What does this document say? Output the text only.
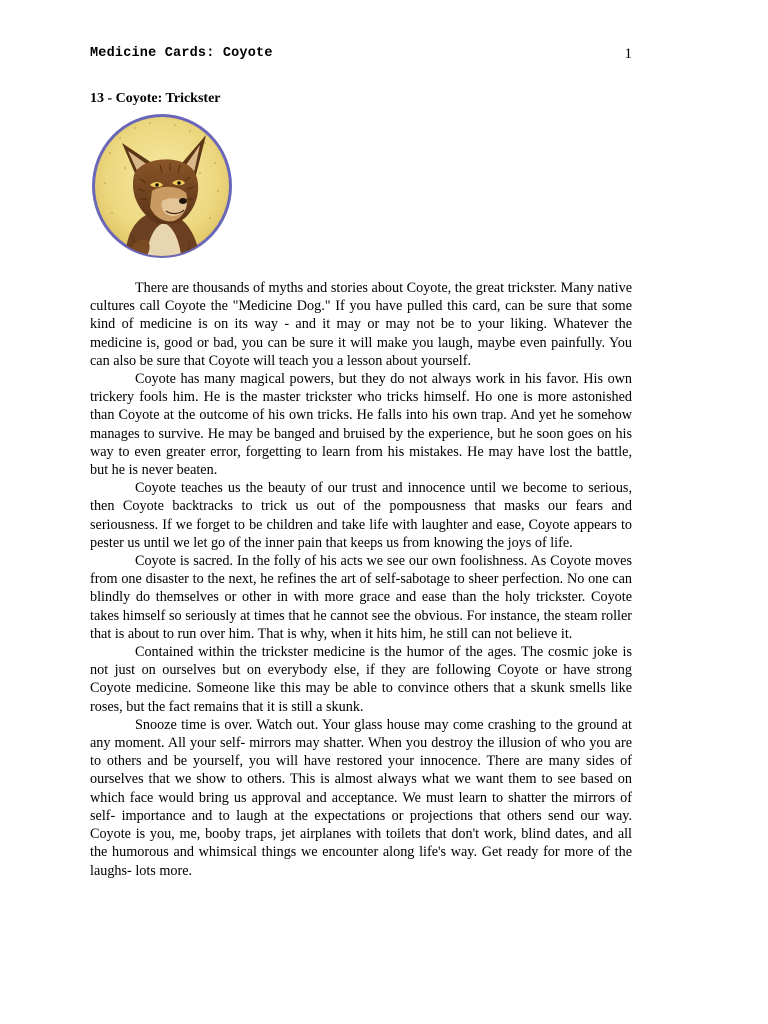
Medicine Cards: Coyote	1
13 - Coyote: Trickster

There are thousands of myths and stories about Coyote, the great trickster. Many native cultures call Coyote the "Medicine Dog." If you have pulled this card, can be sure that some kind of medicine is on its way - and it may or may not be to your liking. Whatever the medicine is, good or bad, you can be sure it will make you laugh, maybe even painfully. You can also be sure that Coyote will teach you a lesson about yourself.

Coyote has many magical powers, but they do not always work in his favor. His own trickery fools him. He is the master trickster who tricks himself. Ho one is more astonished than Coyote at the outcome of his own tricks. He falls into his own trap. And yet he somehow manages to survive. He may be banged and bruised by the experience, but he soon goes on his way to even greater error, forgetting to learn from his mistakes. He may have lost the battle, but he is never beaten.

Coyote teaches us the beauty of our trust and innocence until we become to serious, then Coyote backtracks to trick us out of the pompousness that masks our fears and seriousness. If we forget to be children and take life with laughter and ease, Coyote appears to pester us until we let go of the inner pain that keeps us from knowing the joys of life.

Coyote is sacred. In the folly of his acts we see our own foolishness. As Coyote moves from one disaster to the next, he refines the art of self-sabotage to sheer perfection. No one can blindly do themselves or other in with more grace and ease than the holy trickster. Coyote takes himself so seriously at times that he cannot see the obvious. For instance, the steam roller that is about to run over him. That is why, when it hits him, he still can not believe it.

Contained within the trickster medicine is the humor of the ages. The cosmic joke is not just on ourselves but on everybody else, if they are following Coyote or have strong Coyote medicine. Someone like this may be able to convince others that a skunk smells like roses, but the fact remains that it is still a skunk.

Snooze time is over. Watch out. Your glass house may come crashing to the ground at any moment. All your self- mirrors may shatter. When you destroy the illusion of who you are to others and be yourself, you will have restored your innocence. There are many sides of ourselves that we show to others. This is almost always what we want them to see based on which face would bring us approval and acceptance. We must learn to shatter the mirrors of self- importance and to laugh at the expectations or projections that others send our way. Coyote is you, me, booby traps, jet airplanes with toilets that don't work, blind dates, and all the humorous and whimsical things we encounter along life's way. Get ready for more of the laughs- lots more.
